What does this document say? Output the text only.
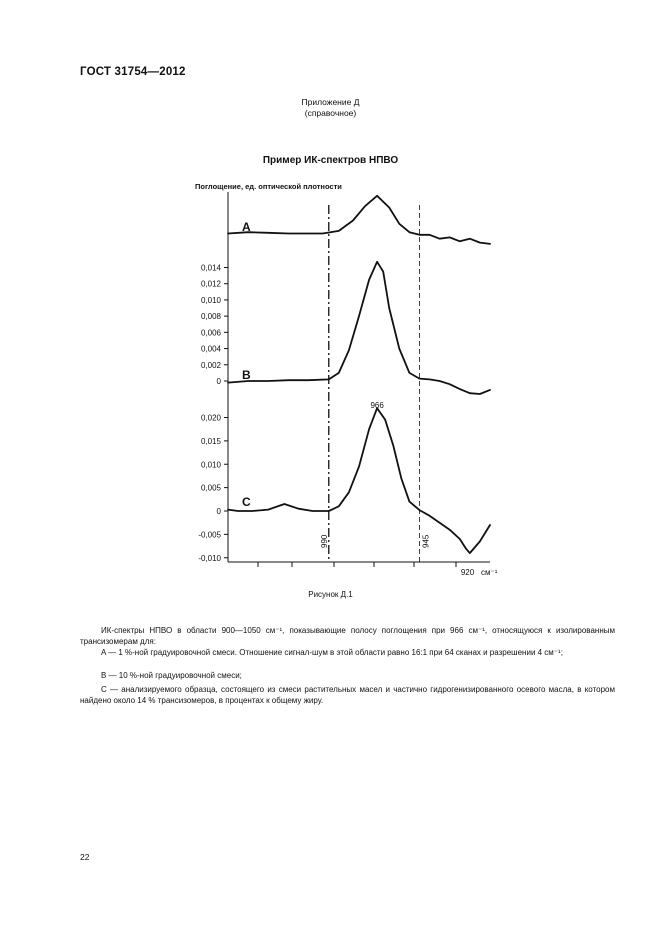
ГОСТ 31754—2012
Приложение Д
(справочное)
Пример ИК-спектров НПВО
Поглощение, ед. оптической плотности
990	945
920
0
0,002
0,004
0,006
0,008
0,010
0,012
0,014
-0,010
-0,005
0
0,005
0,010
0,015
0,020
A
B
C
966
см⁻¹
Рисунок Д.1
ИК-спектры НПВО в области 900—1050 см⁻¹, показывающие полосу поглощения при 966 см⁻¹, относящуюся к изолированным трансизомерам для:
A — 1 %-ной градуировочной смеси. Отношение сигнал-шум в этой области равно 16:1 при 64 сканах и разрешении 4 см⁻¹;
B — 10 %-ной градуировочной смеси;
C — анализируемого образца, состоящего из смеси растительных масел и частично гидрогенизированного осевого масла, в котором найдено около 14 % трансизомеров, в процентах к общему жиру.
22
